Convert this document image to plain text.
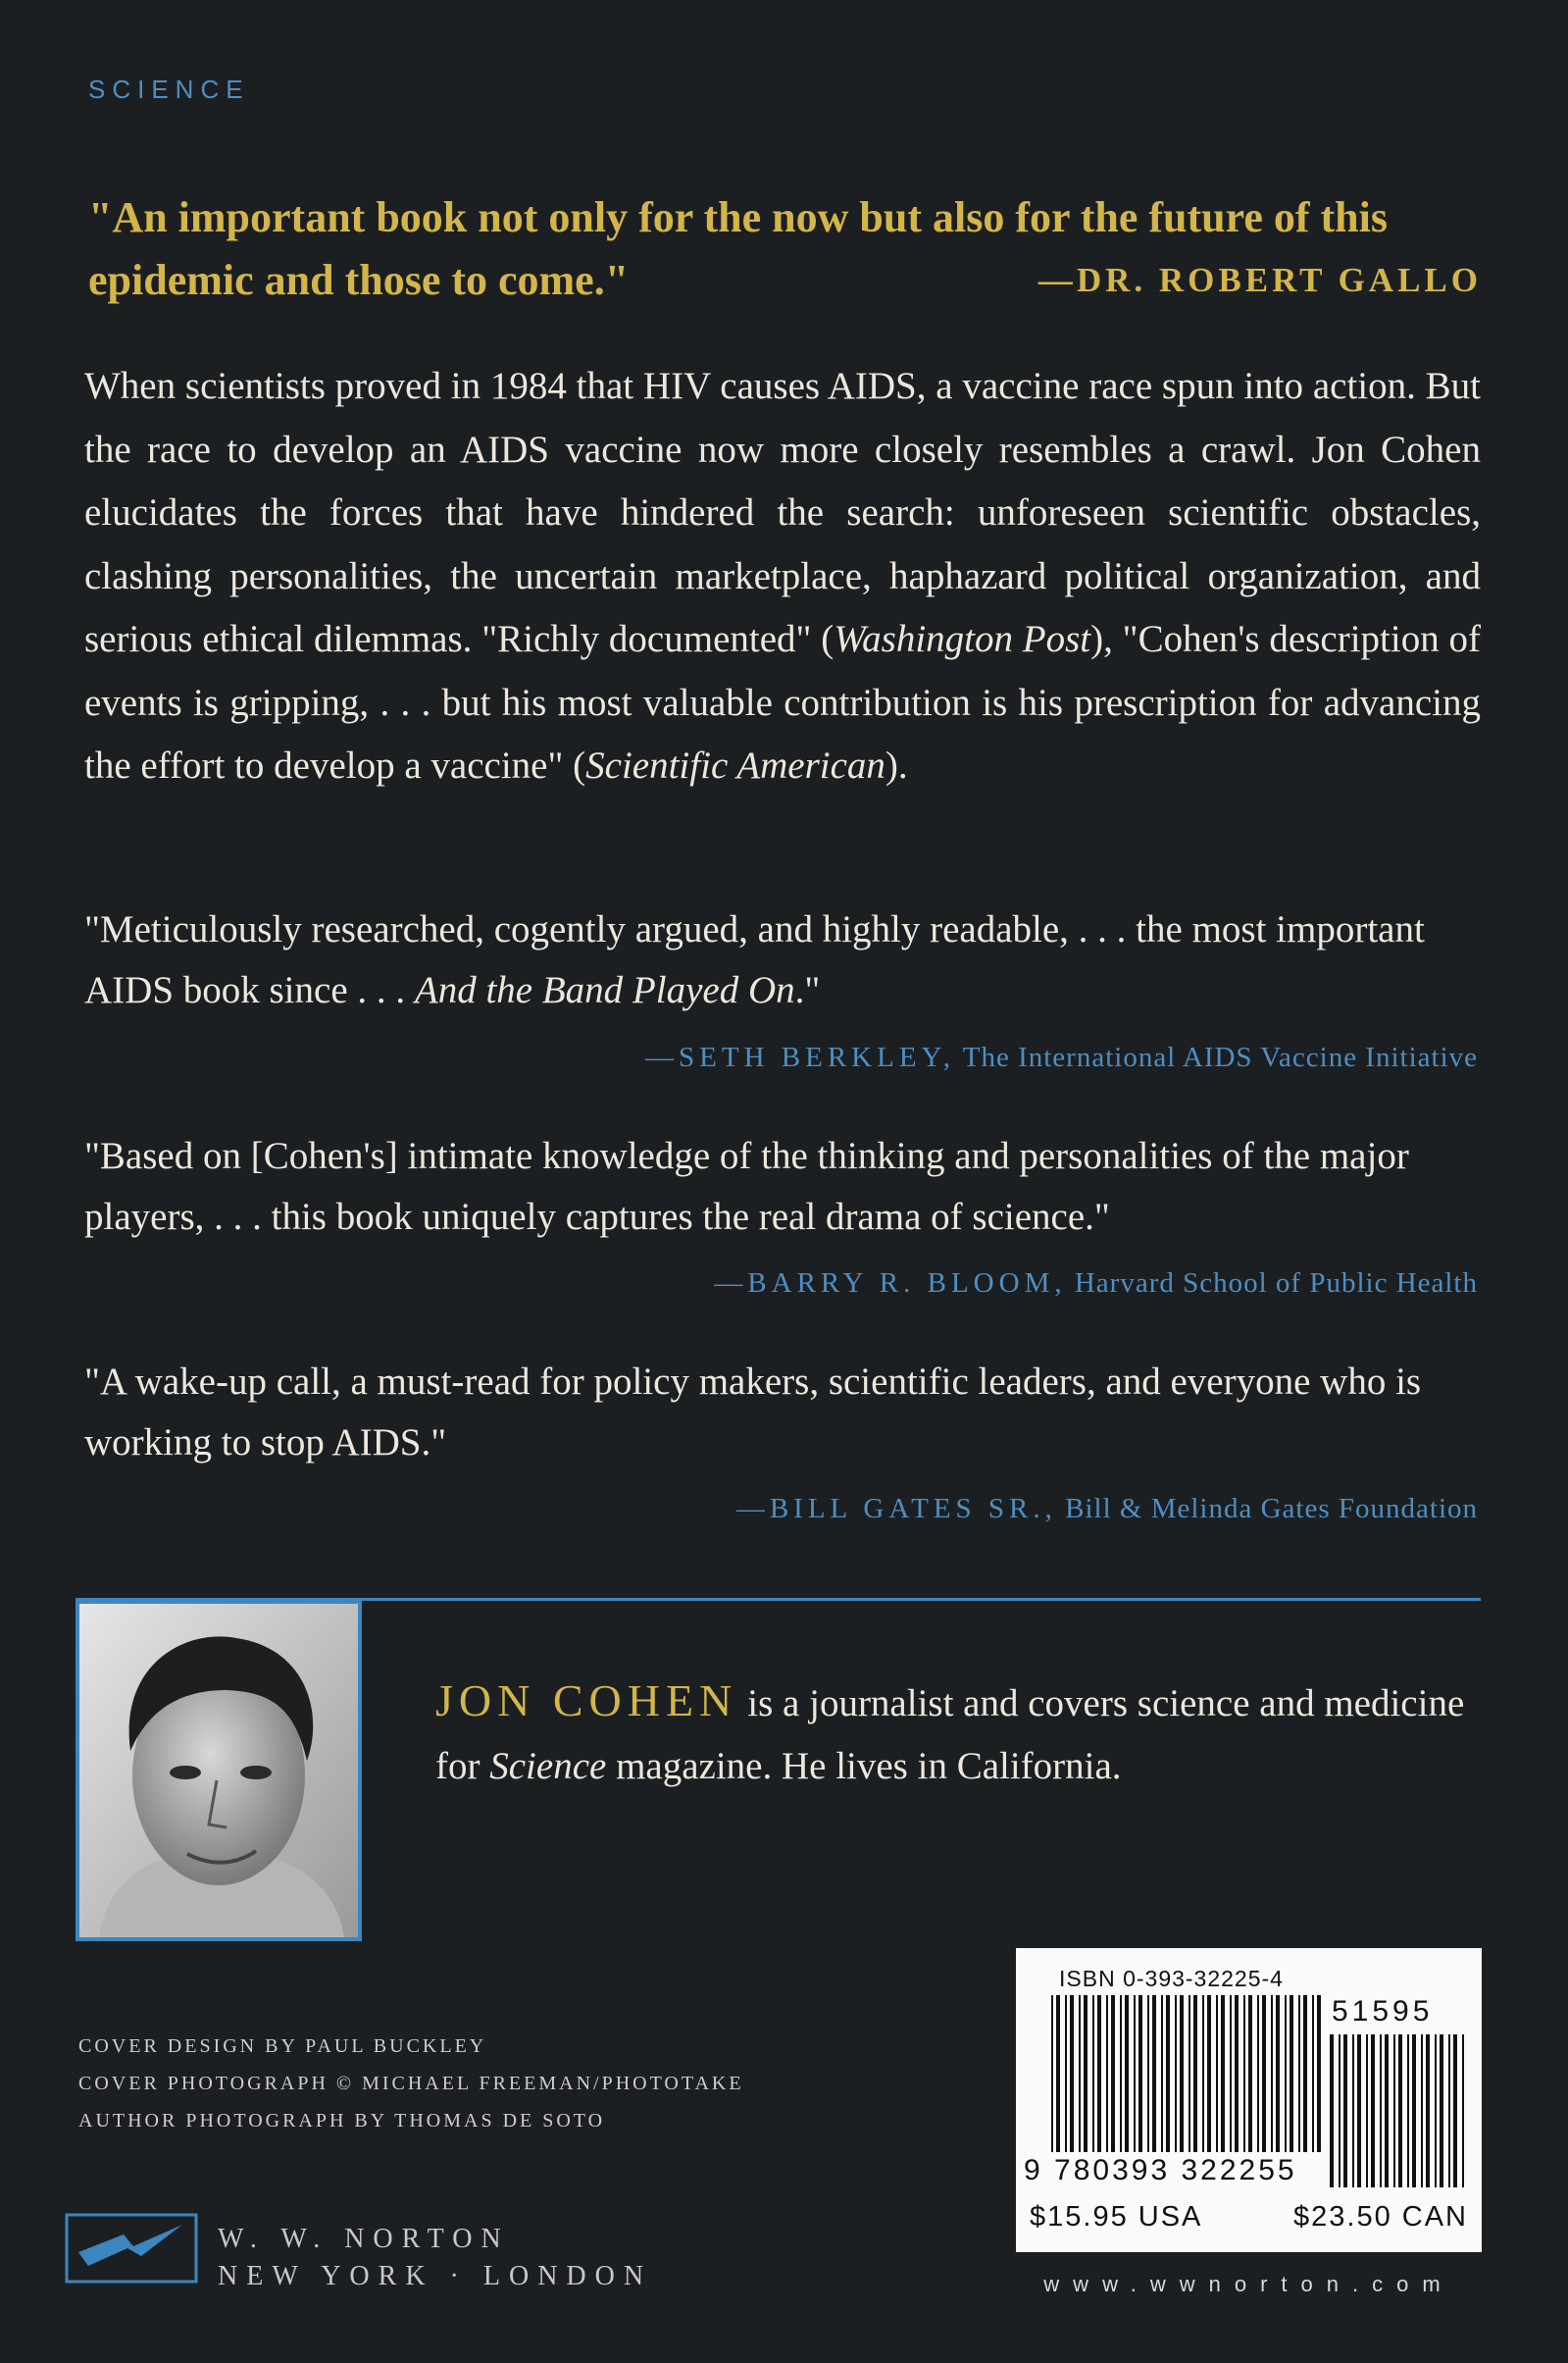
SCIENCE
"An important book not only for the now but also for the future of this epidemic and those to come."	—DR. ROBERT GALLO
When scientists proved in 1984 that HIV causes AIDS, a vaccine race spun into action. But the race to develop an AIDS vaccine now more closely resembles a crawl. Jon Cohen elucidates the forces that have hindered the search: unforeseen scientific obstacles, clashing personalities, the uncertain marketplace, haphazard political organization, and serious ethical dilemmas. "Richly documented" (Washington Post), "Cohen's description of events is gripping, . . . but his most valuable contribution is his prescription for advancing the effort to develop a vaccine" (Scientific American).
"Meticulously researched, cogently argued, and highly readable, . . . the most important AIDS book since . . . And the Band Played On."
—SETH BERKLEY, The International AIDS Vaccine Initiative
"Based on [Cohen's] intimate knowledge of the thinking and personalities of the major players, . . . this book uniquely captures the real drama of science."
—BARRY R. BLOOM, Harvard School of Public Health
"A wake-up call, a must-read for policy makers, scientific leaders, and everyone who is working to stop AIDS."
—BILL GATES SR., Bill & Melinda Gates Foundation
JON COHEN is a journalist and covers science and medicine for Science magazine. He lives in California.
COVER DESIGN BY PAUL BUCKLEY
COVER PHOTOGRAPH © MICHAEL FREEMAN/PHOTOTAKE
AUTHOR PHOTOGRAPH BY THOMAS DE SOTO
W. W. NORTON
NEW YORK · LONDON
ISBN 0-393-32225-4
51595
9 780393 322255
$15.95 USA	$23.50 CAN
www.wwnorton.com
